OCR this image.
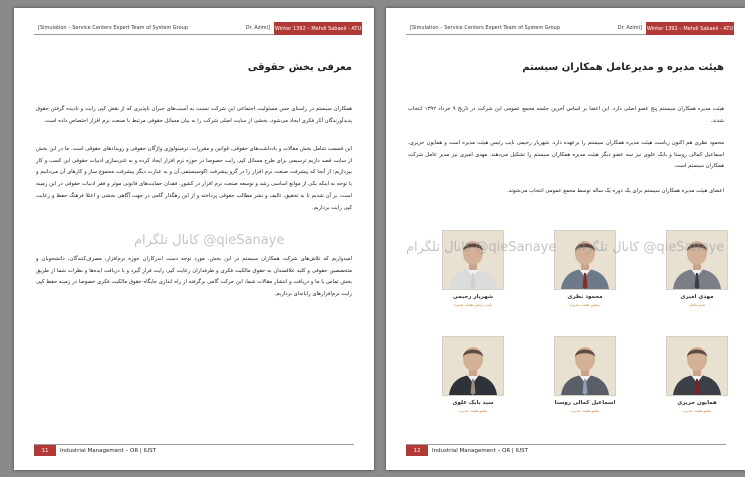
[Simulation – Service Centers Expert Team of System Group	Dr. Azimi] Winter 1392 – Mehdi Sabaeii - ATU
معرفی بخش حقوقی
همکاران سیستم در راستای حس مسئولیت اجتماعی این شرکت نسبت به آسیب‌های جبران ناپذیری که از نقض کپی رایت و نادیده گرفتن حقوق پدیدآورندگان آثار فکری ایجاد می‌شود، بخشی از سایت اصلی شرکت را به بیان مسائل حقوقی مرتبط با صنعت نرم افزار اختصاص داده است.
این قسمت شامل بخش مقالات و یادداشت‌های حقوقی، قوانین و مقررات، ترمینولوژی واژگان حقوقی و رویدادهای حقوقی است. ما در این بخش از سایت قصد داریم ترسیمی برای طرح مسائل کپی رایت خصوصا در حوزه نرم افزار ایجاد کرده و به غنی‌سازی ادبیات حقوقی این کسب و کار بپردازیم؛ از آنجا که پیشرفت صنعت نرم افزار را در گرو پیشرفت اکوسیستمی آن و به عبارت دیگر پیشرفت مجموع ساز و کارهای آن می‌دانیم و با توجه به اینکه یکی از موانع اساسی رشد و توسعه صنعت نرم افزار در کشور، فقدان حمایت‌های قانونی موثر و فقر ادبیات حقوقی در این زمینه است، بر آن شدیم تا به تحقیق، تالیف و نشر مطالب حقوقی پرداخته و از این رهگذار گامی در جهت آگاهی بخشی و اعتلا فرهنگ حفظ و رعایت کپی رایت برداریم.
امیدواریم که تلاش‌های شرکت همکاران سیستم در این بخش، مورد توجه دست اندرکاران حوزه نرم‌افزار، مصرف‌کنندگان، دانشجویان و متخصصین حقوقی و کلیه علاقمندان به حقوق مالکیت فکری و طرفداران رعایت کپی رایت قرار گیرد و با دریافت ایده‌ها و نظرات شما از طریق بخش تماس با ما و دریافت و انتشار مقالات شما، این حرکت گامی برگرفته از راه اندازی جایگاه حقوق مالکیت فکری خصوصا در زمینه حفظ کپی رایت نرم‌افزارهای رایانه‌ای برداریم.
کانال تلگرام @qieSanaye
11	Industrial Management – OR | IUST
[Simulation – Service Centers Expert Team of System Group	Dr. Azimi] Winter 1392 – Mehdi Sabaeii - ATU
هیئت مدیره و مدیرعامل همکاران سیستم
هیئت مدیره همکاران سیستم پنج عضو اصلی دارد. این اعضا بر اساس آخرین جلسه مجمع عمومی این شرکت در تاریخ ۹ خرداد ۱۳۹۲ انتخاب شدند.
محمود نظری هم اکنون ریاست هیئت مدیره همکاران سیستم را برعهده دارد. شهریار رحیمی نایب رئیس هیئت مدیره است و همایون حریری، اسماعیل کمالی روستا و بابک علوی نیز سه عضو دیگر هیئت مدیره همکاران سیستم را تشکیل می‌دهند. مهدی امیری نیز مدیر عامل شرکت همکاران سیستم است.
اعضای هیئت مدیره همکاران سیستم برای یک دوره یک ساله توسط مجمع عمومی انتخاب می‌شوند.
مهدی امیری
مدیرعامل
محمود نظری
رئیس هیئت مدیره
شهریار رحیمی
نایب رئیس هیئت مدیره
همایون حریری
عضو هیئت مدیره
اسماعیل کمالی روستا
عضو هیئت مدیره
سید بابک علوی
عضو هیئت مدیره
کانال تلگرام @qieSanaye کانال تلگرام @qieSanaye
12	Industrial Management – OR | IUST
